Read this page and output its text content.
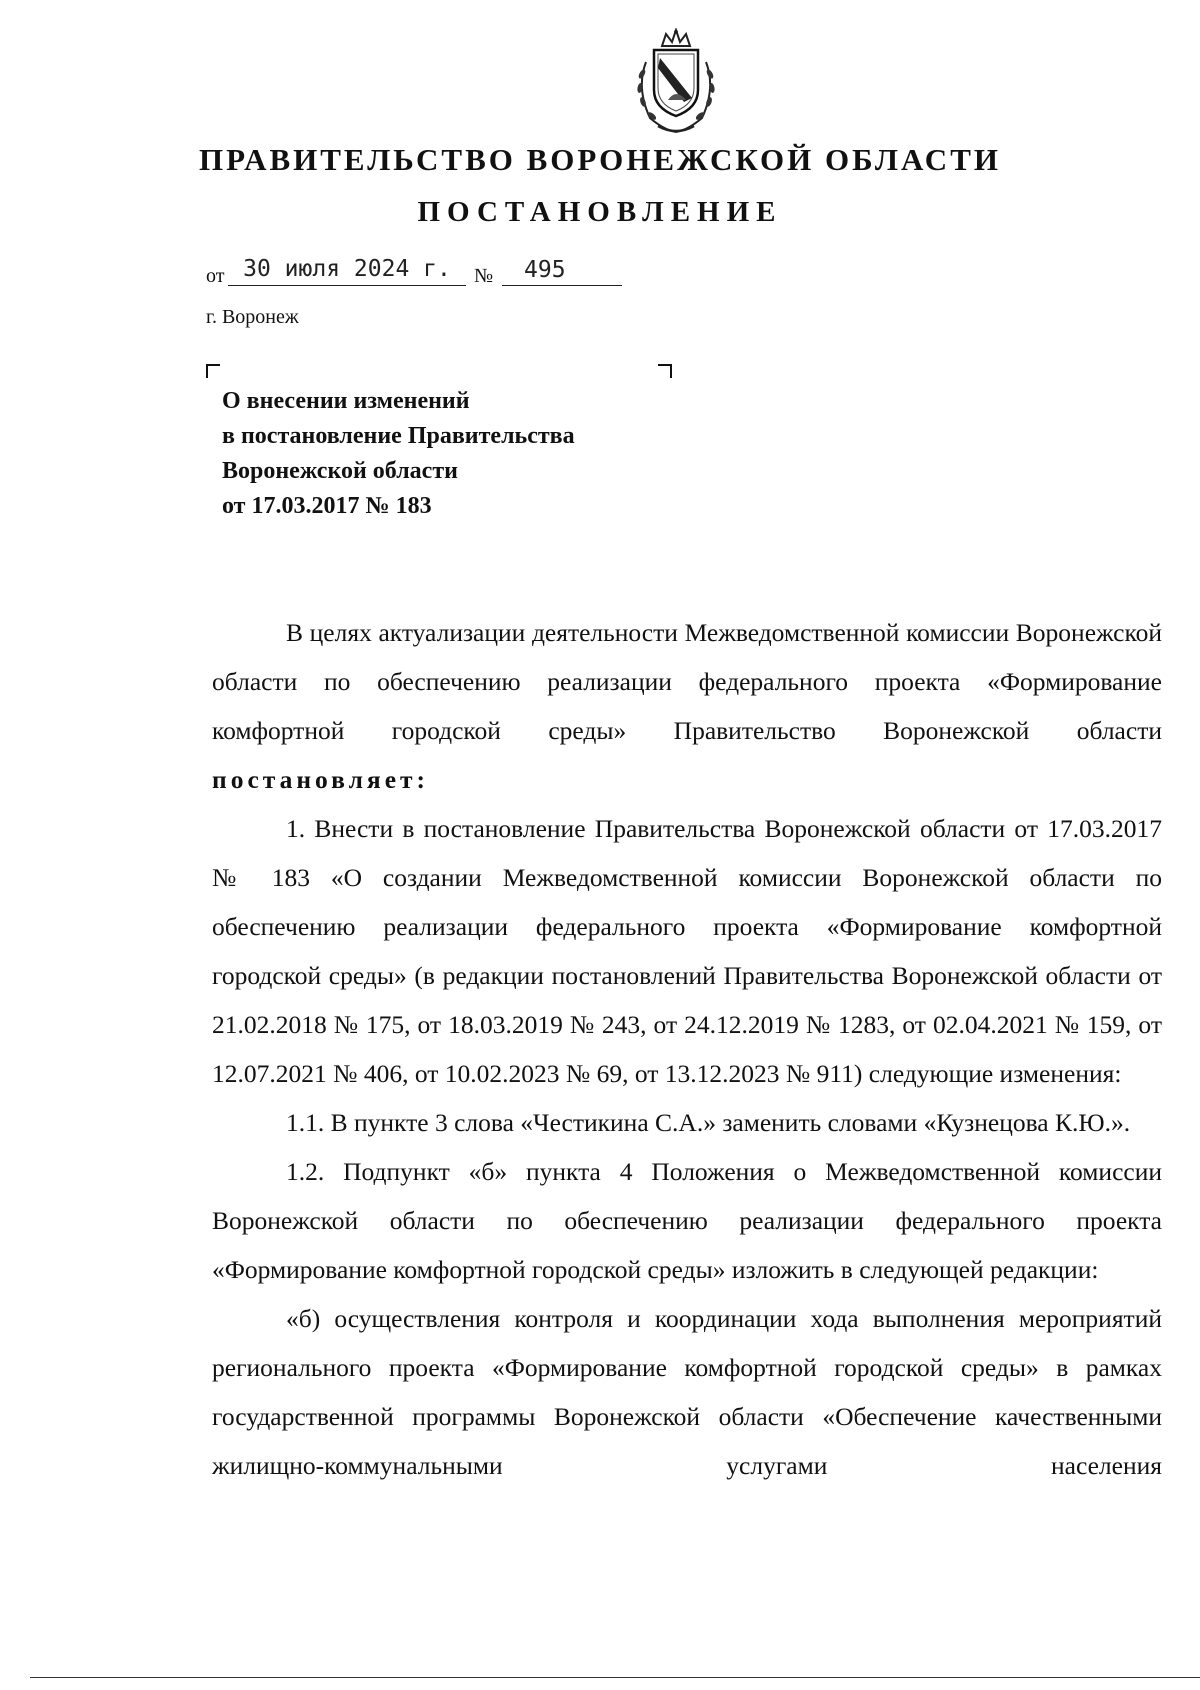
ПРАВИТЕЛЬСТВО ВОРОНЕЖСКОЙ ОБЛАСТИ
ПОСТАНОВЛЕНИЕ
от 30 июля 2024 г.	№	495
г. Воронеж
О внесении изменений
в постановление Правительства
Воронежской области
от 17.03.2017 № 183

В целях актуализации деятельности Межведомственной комиссии Воронежской области по обеспечению реализации федерального проекта «Формирование комфортной городской среды» Правительство Воронежской области постановляет:

1. Внести в постановление Правительства Воронежской области от 17.03.2017 № 183 «О создании Межведомственной комиссии Воронежской области по обеспечению реализации федерального проекта «Формирование комфортной городской среды» (в редакции постановлений Правительства Воронежской области от 21.02.2018 № 175, от 18.03.2019 № 243, от 24.12.2019 № 1283, от 02.04.2021 № 159, от 12.07.2021 № 406, от 10.02.2023 № 69, от 13.12.2023 № 911) следующие изменения:

1.1. В пункте 3 слова «Честикина С.А.» заменить словами «Кузнецова К.Ю.».

1.2. Подпункт «б» пункта 4 Положения о Межведомственной комиссии Воронежской области по обеспечению реализации федерального проекта «Формирование комфортной городской среды» изложить в следующей редакции:

«б) осуществления контроля и координации хода выполнения мероприятий регионального проекта «Формирование комфортной городской среды» в рамках государственной программы Воронежской области «Обеспечение качественными жилищно-коммунальными услугами населения
